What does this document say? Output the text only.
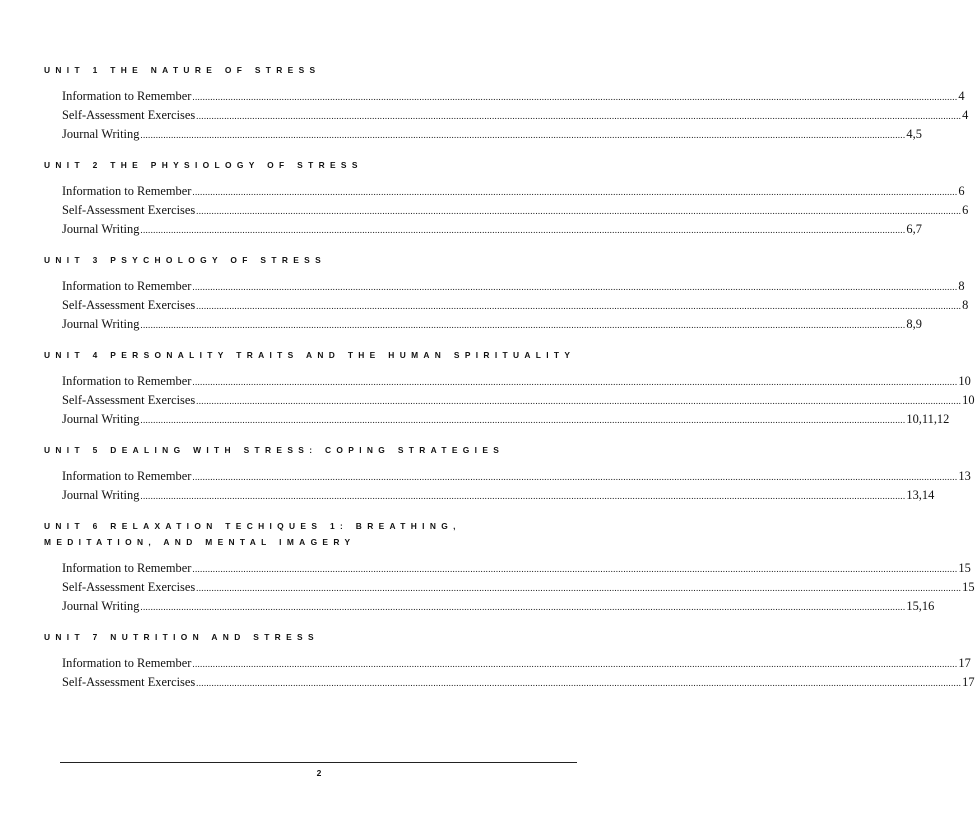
UNIT 1 THE NATURE OF STRESS

Information to Remember ............................................................................................................................................................................................................................................................................................................ 4
Self-Assessment Exercises ............................................................................................................................................................................................................................................................................................................ 4
Journal Writing ............................................................................................................................................................................................................................................................................................................ 4,5

UNIT 2 THE PHYSIOLOGY OF STRESS

Information to Remember ............................................................................................................................................................................................................................................................................................................ 6
Self-Assessment Exercises ............................................................................................................................................................................................................................................................................................................ 6
Journal Writing ............................................................................................................................................................................................................................................................................................................ 6,7

UNIT 3 PSYCHOLOGY OF STRESS

Information to Remember ............................................................................................................................................................................................................................................................................................................ 8
Self-Assessment Exercises ............................................................................................................................................................................................................................................................................................................ 8
Journal Writing ............................................................................................................................................................................................................................................................................................................ 8,9

UNIT 4 PERSONALITY TRAITS AND THE HUMAN SPIRITUALITY

Information to Remember ............................................................................................................................................................................................................................................................................................................ 10
Self-Assessment Exercises ............................................................................................................................................................................................................................................................................................................ 10
Journal Writing ............................................................................................................................................................................................................................................................................................................ 10,11,12

UNIT 5 DEALING WITH STRESS: COPING STRATEGIES

Information to Remember ............................................................................................................................................................................................................................................................................................................ 13
Journal Writing ............................................................................................................................................................................................................................................................................................................ 13,14

UNIT 6 RELAXATION TECHIQUES 1: BREATHING, MEDITATION, AND MENTAL IMAGERY

Information to Remember ............................................................................................................................................................................................................................................................................................................ 15
Self-Assessment Exercises ............................................................................................................................................................................................................................................................................................................ 15
Journal Writing ............................................................................................................................................................................................................................................................................................................ 15,16

UNIT 7 NUTRITION AND STRESS

Information to Remember ............................................................................................................................................................................................................................................................................................................ 17
Self-Assessment Exercises ............................................................................................................................................................................................................................................................................................................ 17
2
